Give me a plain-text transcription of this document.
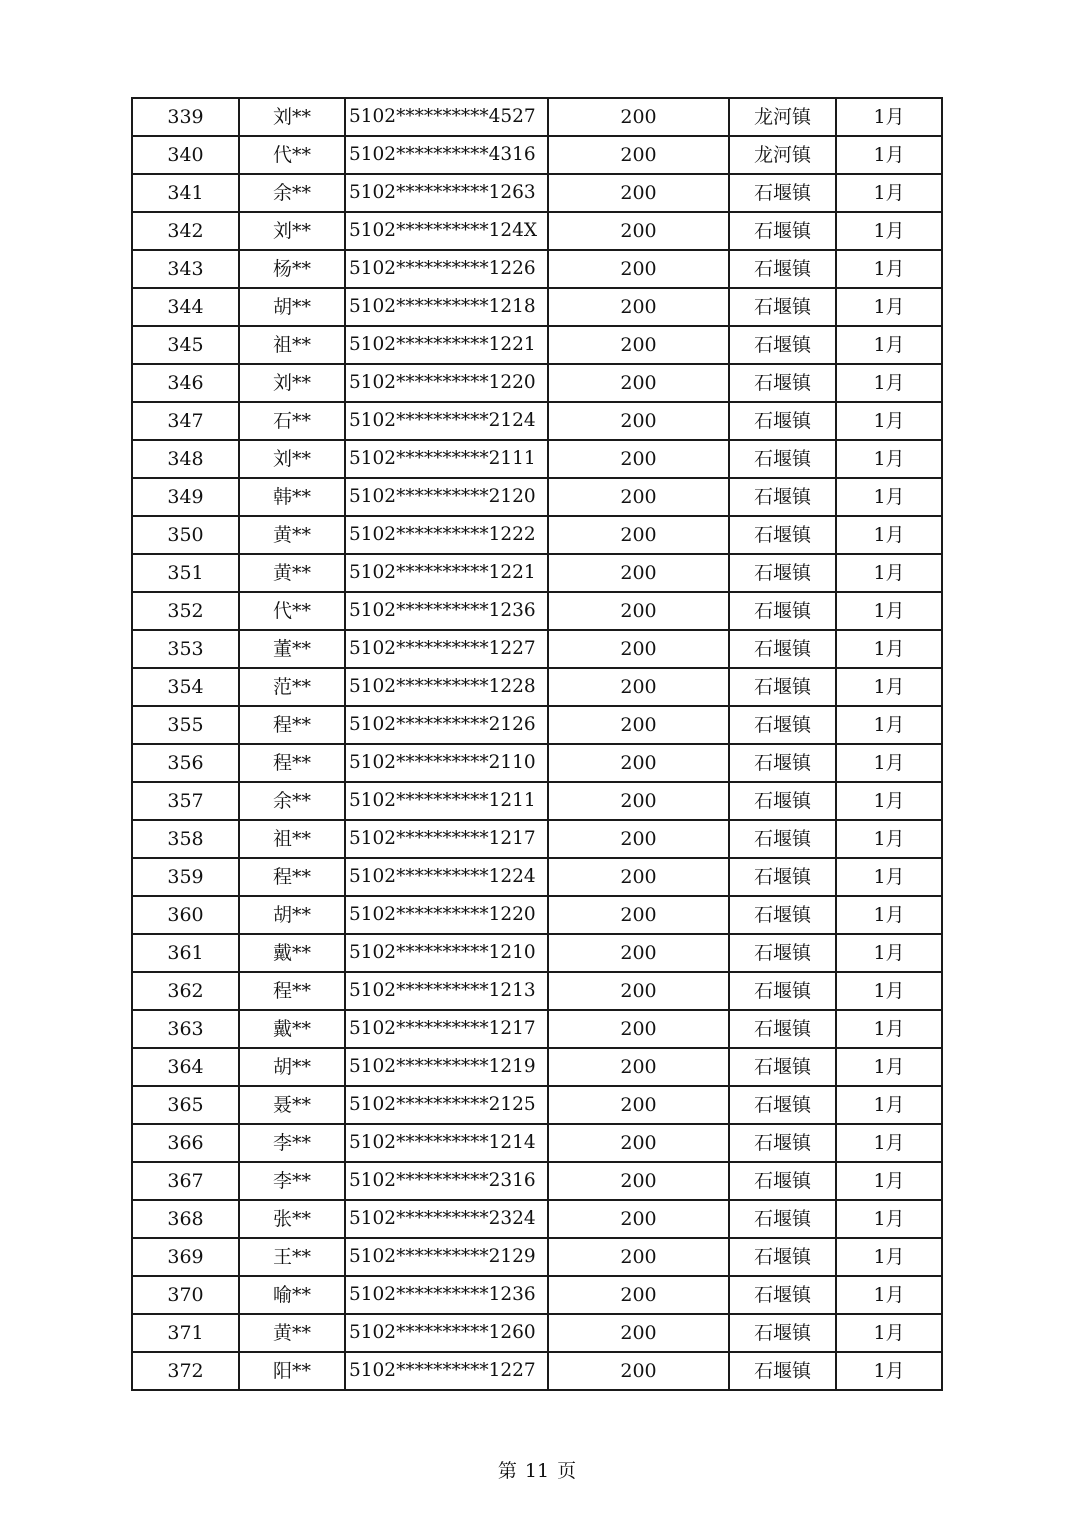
339	刘**	5102**********4527	200	龙河镇	1月
340	代**	5102**********4316	200	龙河镇	1月
341	余**	5102**********1263	200	石堰镇	1月
342	刘**	5102**********124X	200	石堰镇	1月
343	杨**	5102**********1226	200	石堰镇	1月
344	胡**	5102**********1218	200	石堰镇	1月
345	祖**	5102**********1221	200	石堰镇	1月
346	刘**	5102**********1220	200	石堰镇	1月
347	石**	5102**********2124	200	石堰镇	1月
348	刘**	5102**********2111	200	石堰镇	1月
349	韩**	5102**********2120	200	石堰镇	1月
350	黄**	5102**********1222	200	石堰镇	1月
351	黄**	5102**********1221	200	石堰镇	1月
352	代**	5102**********1236	200	石堰镇	1月
353	董**	5102**********1227	200	石堰镇	1月
354	范**	5102**********1228	200	石堰镇	1月
355	程**	5102**********2126	200	石堰镇	1月
356	程**	5102**********2110	200	石堰镇	1月
357	余**	5102**********1211	200	石堰镇	1月
358	祖**	5102**********1217	200	石堰镇	1月
359	程**	5102**********1224	200	石堰镇	1月
360	胡**	5102**********1220	200	石堰镇	1月
361	戴**	5102**********1210	200	石堰镇	1月
362	程**	5102**********1213	200	石堰镇	1月
363	戴**	5102**********1217	200	石堰镇	1月
364	胡**	5102**********1219	200	石堰镇	1月
365	聂**	5102**********2125	200	石堰镇	1月
366	李**	5102**********1214	200	石堰镇	1月
367	李**	5102**********2316	200	石堰镇	1月
368	张**	5102**********2324	200	石堰镇	1月
369	王**	5102**********2129	200	石堰镇	1月
370	喻**	5102**********1236	200	石堰镇	1月
371	黄**	5102**********1260	200	石堰镇	1月
372	阳**	5102**********1227	200	石堰镇	1月
第 11 页
